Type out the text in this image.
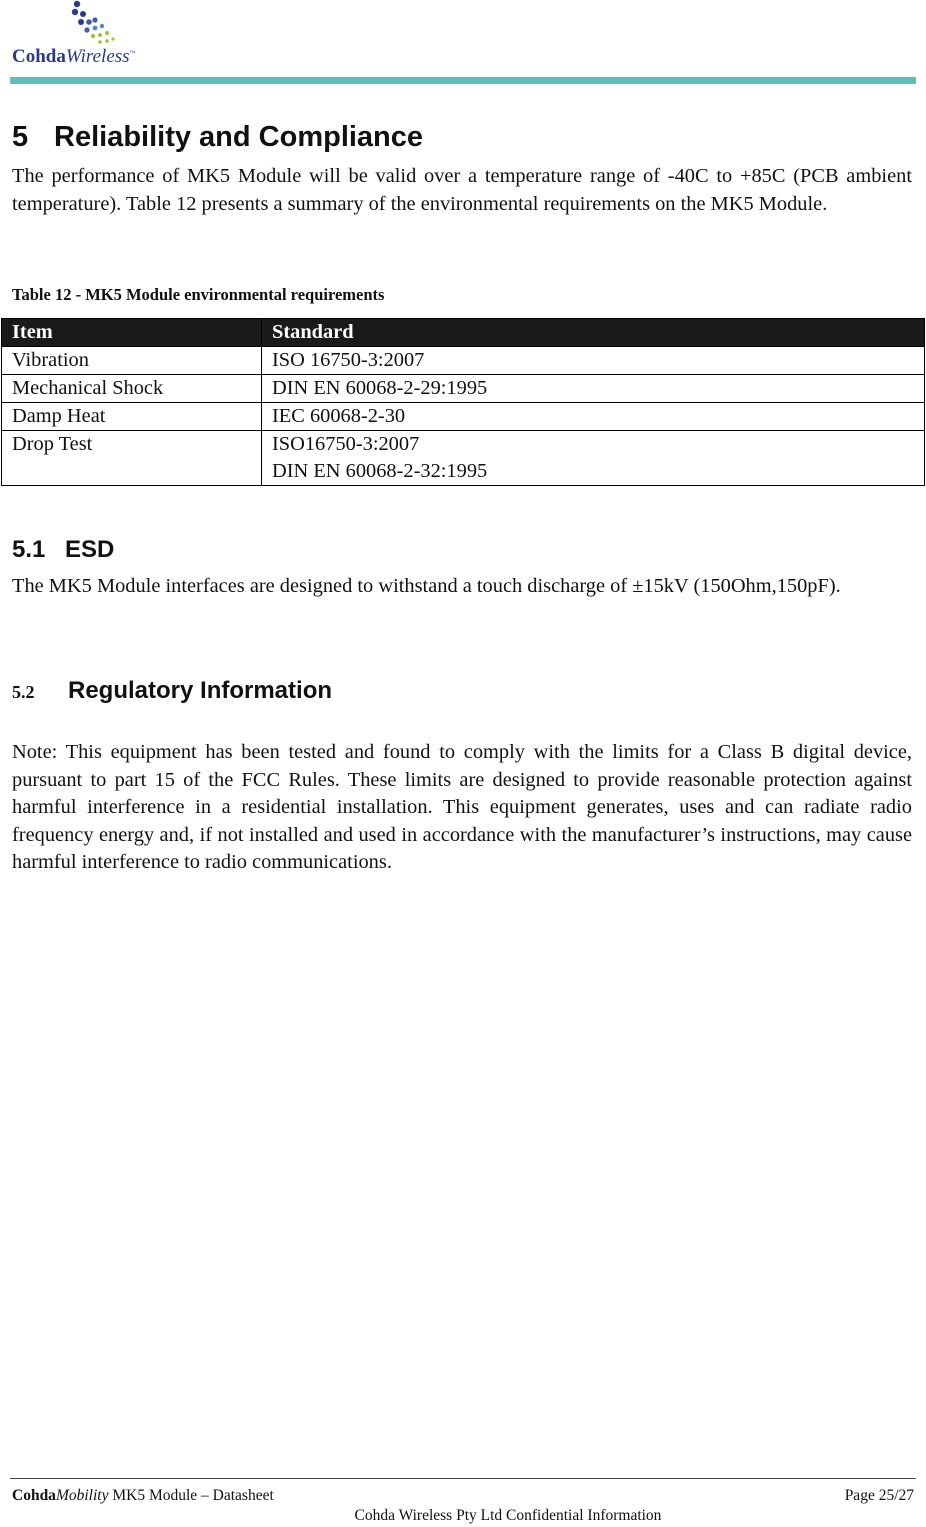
CohdaWireless™
5 Reliability and Compliance
The performance of MK5 Module will be valid over a temperature range of -40C to +85C (PCB ambient temperature). Table 12 presents a summary of the environmental requirements on the MK5 Module.
Table 12 - MK5 Module environmental requirements
Item	Standard
Vibration	ISO 16750-3:2007
Mechanical Shock	DIN EN 60068-2-29:1995
Damp Heat	IEC 60068-2-30
Drop Test	ISO16750-3:2007
DIN EN 60068-2-32:1995
5.1 ESD
The MK5 Module interfaces are designed to withstand a touch discharge of ±15kV (150Ohm,150pF).
5.2 Regulatory Information
Note: This equipment has been tested and found to comply with the limits for a Class B digital device, pursuant to part 15 of the FCC Rules. These limits are designed to provide reasonable protection against harmful interference in a residential installation. This equipment generates, uses and can radiate radio frequency energy and, if not installed and used in accordance with the manufacturer’s instructions, may cause harmful interference to radio communications.
CohdaMobility MK5 Module – Datasheet	Page 25/27
Cohda Wireless Pty Ltd Confidential Information
